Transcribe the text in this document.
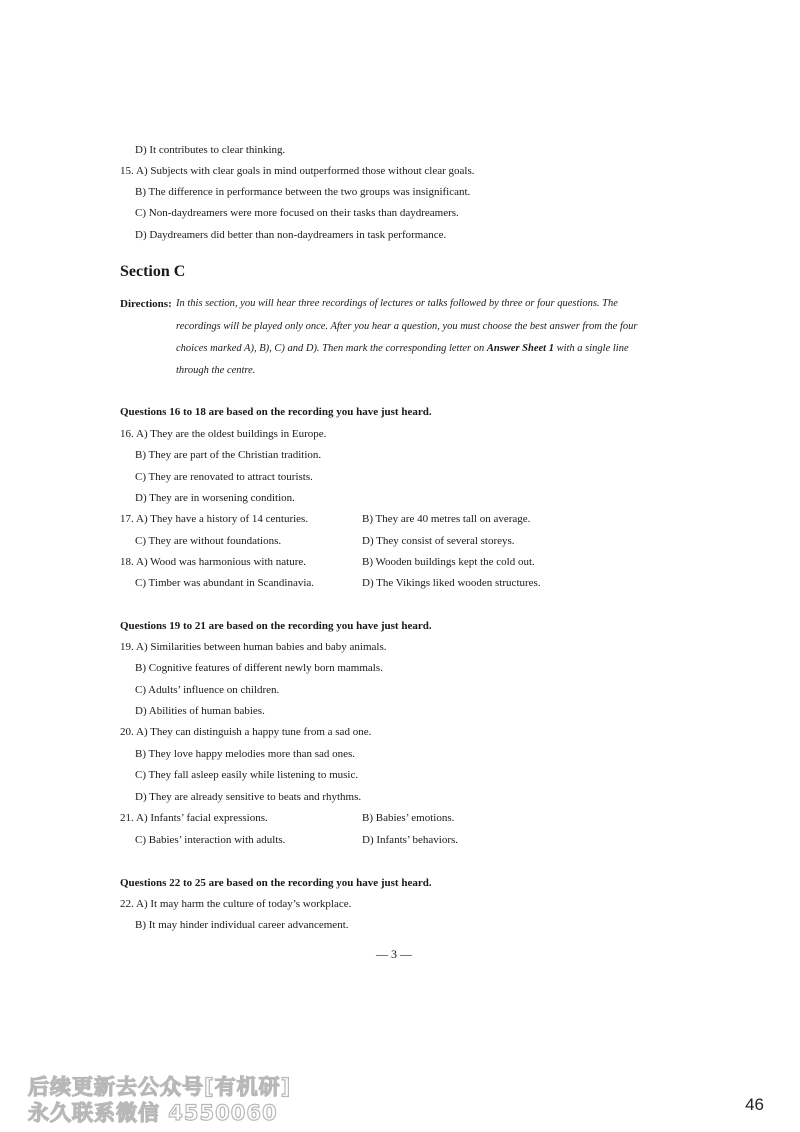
D) It contributes to clear thinking.
15. A) Subjects with clear goals in mind outperformed those without clear goals.
B) The difference in performance between the two groups was insignificant.
C) Non-daydreamers were more focused on their tasks than daydreamers.
D) Daydreamers did better than non-daydreamers in task performance.
Section C
Directions: In this section, you will hear three recordings of lectures or talks followed by three or four questions. The
recordings will be played only once. After you hear a question, you must choose the best answer from the four
choices marked A), B), C) and D). Then mark the corresponding letter on Answer Sheet 1 with a single line
through the centre.
Questions 16 to 18 are based on the recording you have just heard.
16. A) They are the oldest buildings in Europe.
B) They are part of the Christian tradition.
C) They are renovated to attract tourists.
D) They are in worsening condition.
17. A) They have a history of 14 centuries.	B) They are 40 metres tall on average.
C) They are without foundations.	D) They consist of several storeys.
18. A) Wood was harmonious with nature.	B) Wooden buildings kept the cold out.
C) Timber was abundant in Scandinavia.	D) The Vikings liked wooden structures.
Questions 19 to 21 are based on the recording you have just heard.
19. A) Similarities between human babies and baby animals.
B) Cognitive features of different newly born mammals.
C) Adults’ influence on children.
D) Abilities of human babies.
20. A) They can distinguish a happy tune from a sad one.
B) They love happy melodies more than sad ones.
C) They fall asleep easily while listening to music.
D) They are already sensitive to beats and rhythms.
21. A) Infants’ facial expressions.	B) Babies’ emotions.
C) Babies’ interaction with adults.	D) Infants’ behaviors.
Questions 22 to 25 are based on the recording you have just heard.
22. A) It may harm the culture of today’s workplace.
B) It may hinder individual career advancement.
— 3 —
后续更新去公众号[有机研]
永久联系微信 4550060	46
